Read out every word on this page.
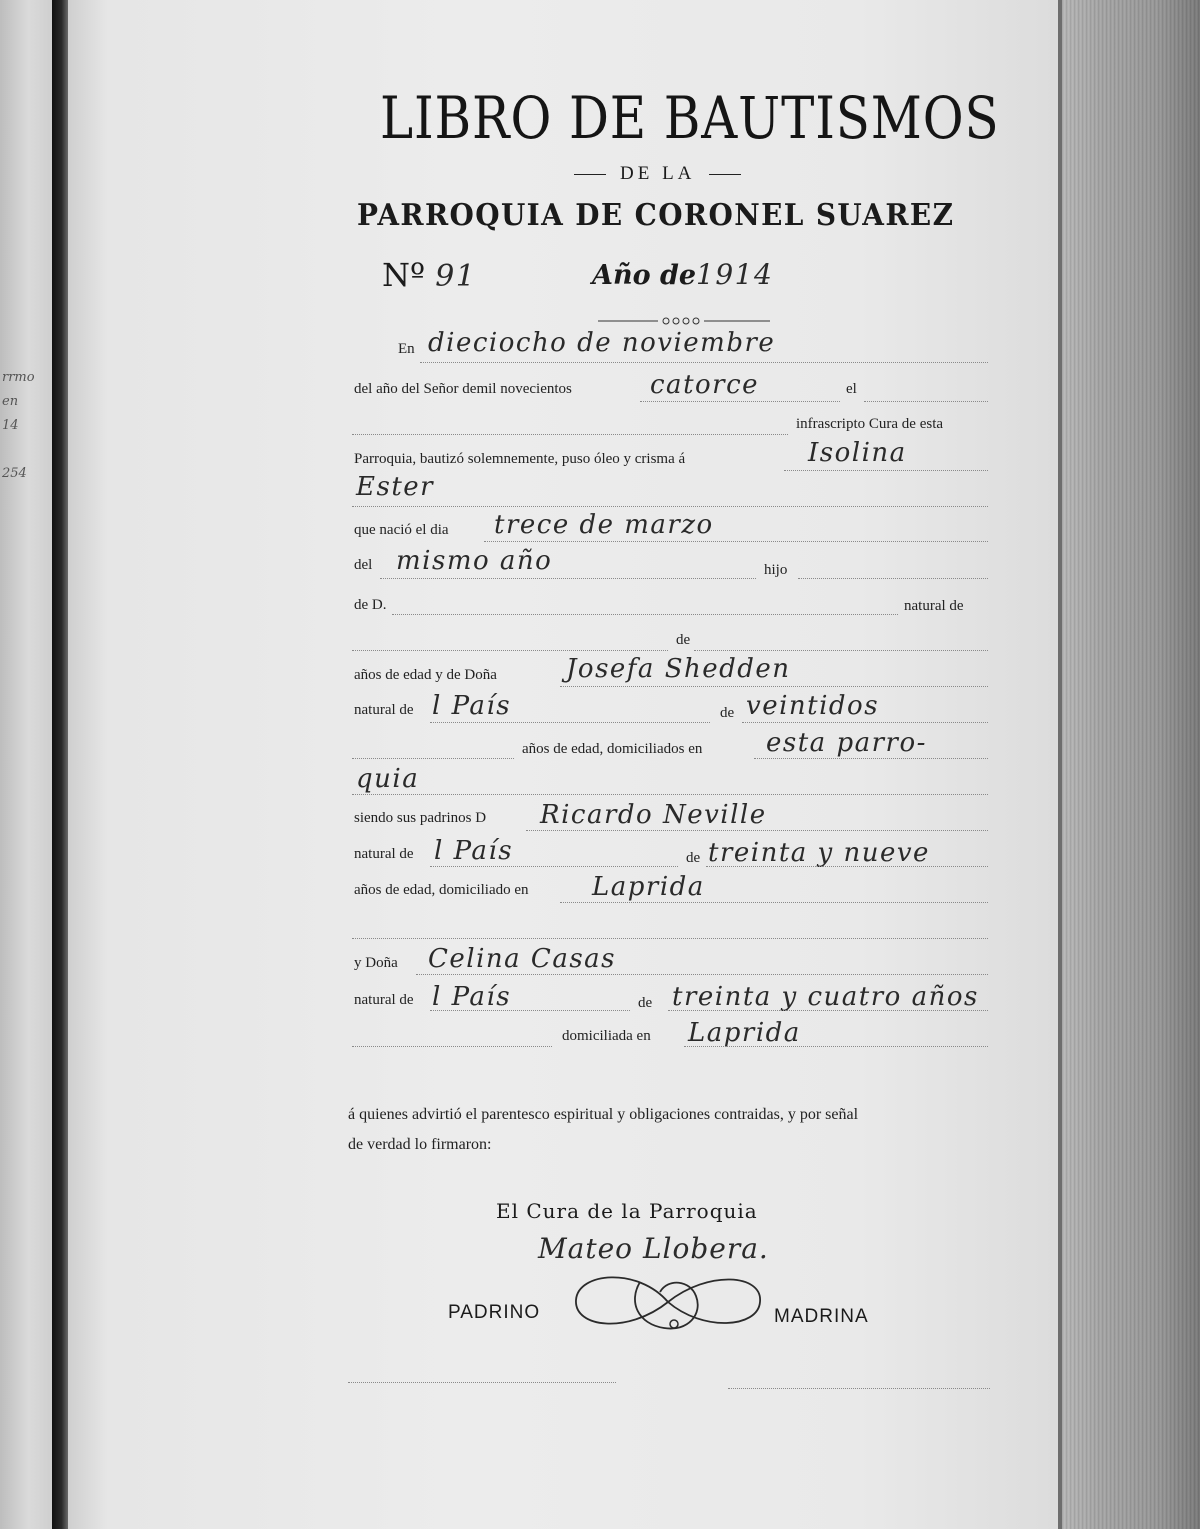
rrmo
en
14
254
LIBRO DE BAUTISMOS
DE LA
PARROQUIA DE CORONEL SUAREZ
Nº 91	Año de1914
En dieciocho de noviembre
del año del Señor demil novecientos	catorce	el
infrascripto Cura de esta
Parroquia, bautizó solemnemente, puso óleo y crisma á	Isolina
Ester
que nació el dia trece de marzo
del mismo año	hijo
de D.	natural de
de
años de edad y de Doña	Josefa Shedden
natural de l País	de veintidos
años de edad, domiciliados en esta parro-
quia
siendo sus padrinos D Ricardo Neville
natural de l País	de treinta y nueve
años de edad, domiciliado en Laprida
y Doña Celina Casas
natural de l País	de treinta y cuatro años
domiciliada en Laprida
á quienes advirtió el parentesco espiritual y obligaciones contraidas, y por señal
de verdad lo firmaron:
El Cura de la Parroquia
Mateo Llobera.
PADRINO	MADRINA
